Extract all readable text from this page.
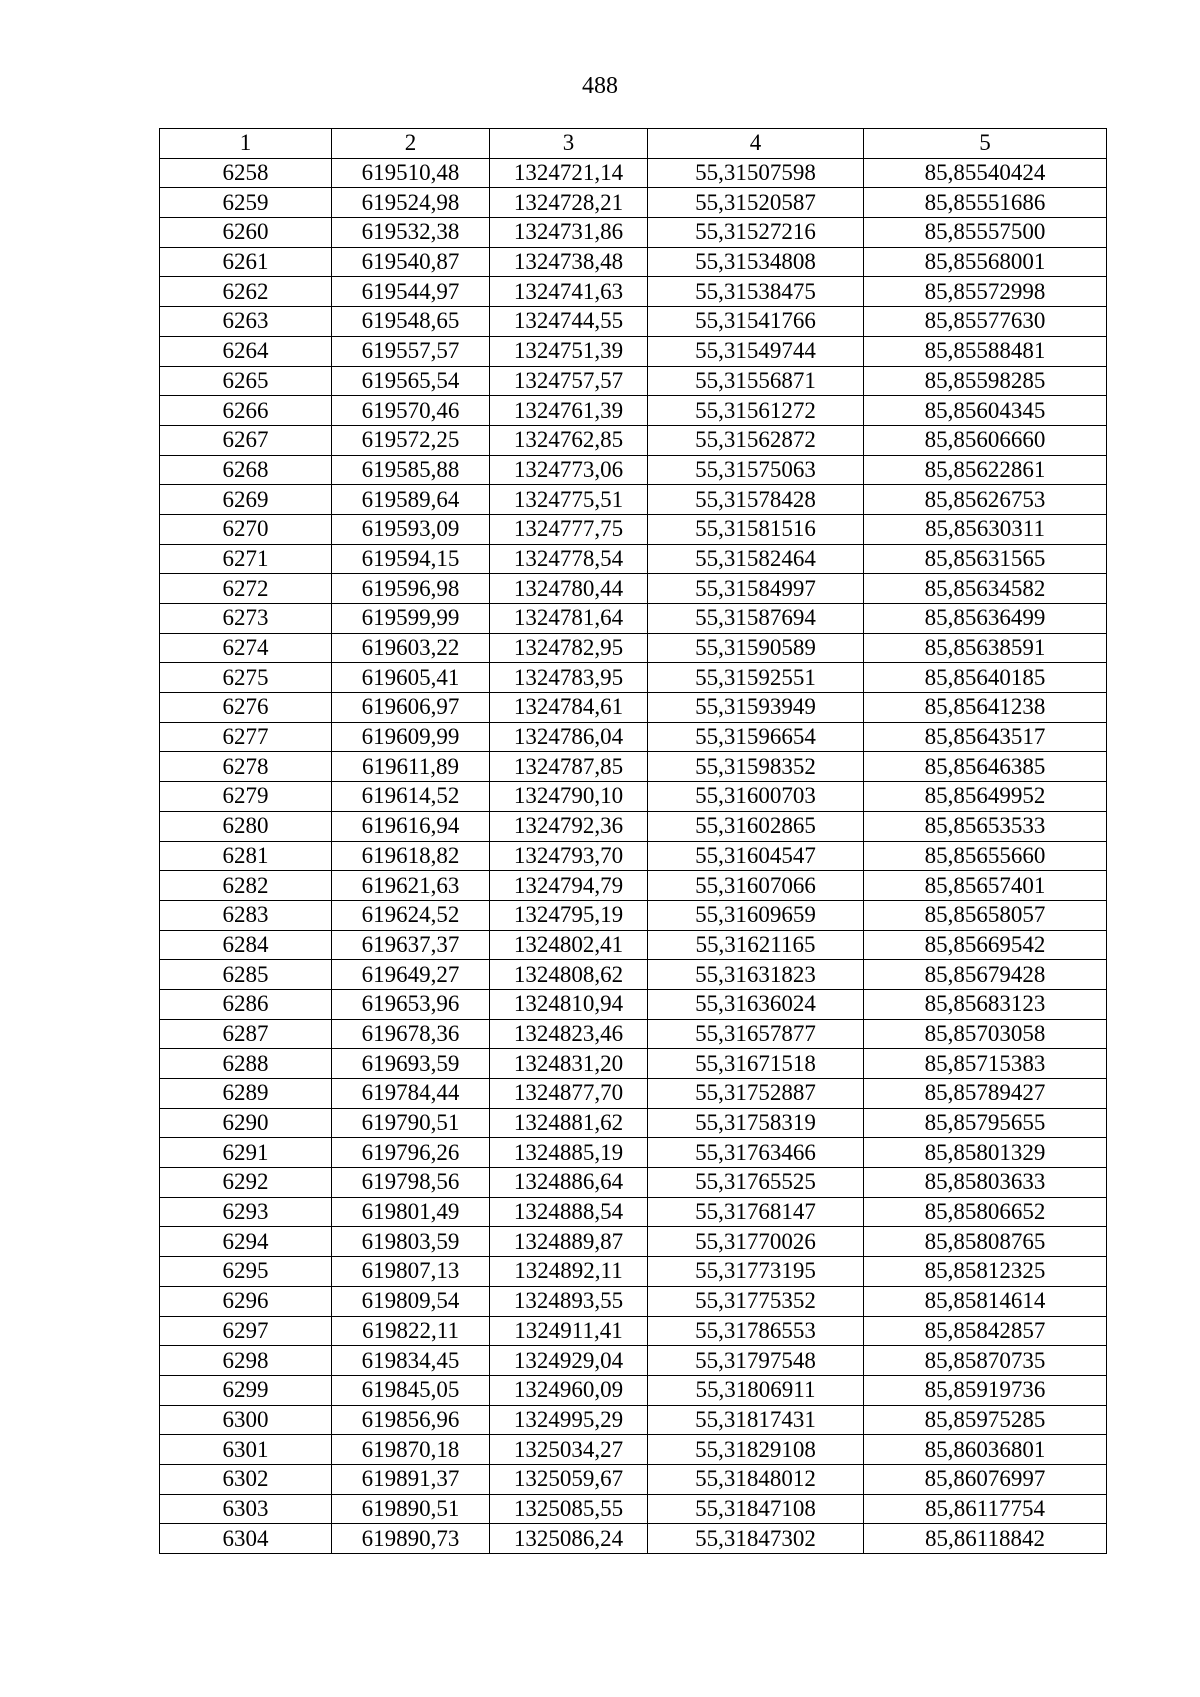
488
1	2	3	4	5
6258	619510,48	1324721,14	55,31507598	85,85540424
6259	619524,98	1324728,21	55,31520587	85,85551686
6260	619532,38	1324731,86	55,31527216	85,85557500
6261	619540,87	1324738,48	55,31534808	85,85568001
6262	619544,97	1324741,63	55,31538475	85,85572998
6263	619548,65	1324744,55	55,31541766	85,85577630
6264	619557,57	1324751,39	55,31549744	85,85588481
6265	619565,54	1324757,57	55,31556871	85,85598285
6266	619570,46	1324761,39	55,31561272	85,85604345
6267	619572,25	1324762,85	55,31562872	85,85606660
6268	619585,88	1324773,06	55,31575063	85,85622861
6269	619589,64	1324775,51	55,31578428	85,85626753
6270	619593,09	1324777,75	55,31581516	85,85630311
6271	619594,15	1324778,54	55,31582464	85,85631565
6272	619596,98	1324780,44	55,31584997	85,85634582
6273	619599,99	1324781,64	55,31587694	85,85636499
6274	619603,22	1324782,95	55,31590589	85,85638591
6275	619605,41	1324783,95	55,31592551	85,85640185
6276	619606,97	1324784,61	55,31593949	85,85641238
6277	619609,99	1324786,04	55,31596654	85,85643517
6278	619611,89	1324787,85	55,31598352	85,85646385
6279	619614,52	1324790,10	55,31600703	85,85649952
6280	619616,94	1324792,36	55,31602865	85,85653533
6281	619618,82	1324793,70	55,31604547	85,85655660
6282	619621,63	1324794,79	55,31607066	85,85657401
6283	619624,52	1324795,19	55,31609659	85,85658057
6284	619637,37	1324802,41	55,31621165	85,85669542
6285	619649,27	1324808,62	55,31631823	85,85679428
6286	619653,96	1324810,94	55,31636024	85,85683123
6287	619678,36	1324823,46	55,31657877	85,85703058
6288	619693,59	1324831,20	55,31671518	85,85715383
6289	619784,44	1324877,70	55,31752887	85,85789427
6290	619790,51	1324881,62	55,31758319	85,85795655
6291	619796,26	1324885,19	55,31763466	85,85801329
6292	619798,56	1324886,64	55,31765525	85,85803633
6293	619801,49	1324888,54	55,31768147	85,85806652
6294	619803,59	1324889,87	55,31770026	85,85808765
6295	619807,13	1324892,11	55,31773195	85,85812325
6296	619809,54	1324893,55	55,31775352	85,85814614
6297	619822,11	1324911,41	55,31786553	85,85842857
6298	619834,45	1324929,04	55,31797548	85,85870735
6299	619845,05	1324960,09	55,31806911	85,85919736
6300	619856,96	1324995,29	55,31817431	85,85975285
6301	619870,18	1325034,27	55,31829108	85,86036801
6302	619891,37	1325059,67	55,31848012	85,86076997
6303	619890,51	1325085,55	55,31847108	85,86117754
6304	619890,73	1325086,24	55,31847302	85,86118842
